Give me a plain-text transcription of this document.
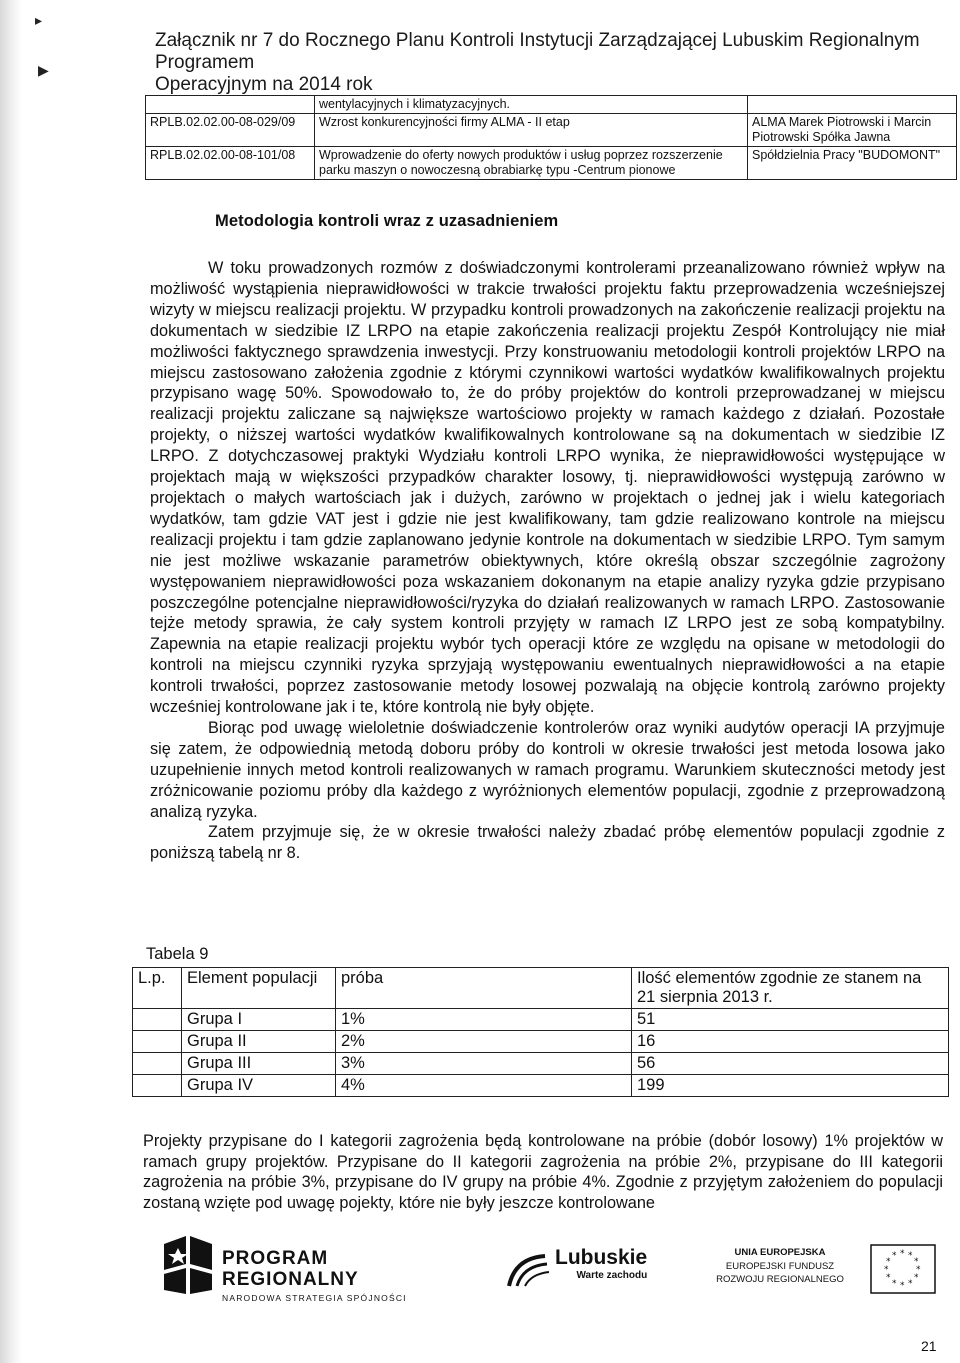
▸
▶
Załącznik nr 7 do Rocznego Planu Kontroli Instytucji Zarządzającej Lubuskim Regionalnym Programem
Operacyjnym na 2014 rok
	wentylacyjnych i klimatyzacyjnych.	
RPLB.02.02.00-08-029/09	Wzrost konkurencyjności firmy ALMA - II etap	ALMA Marek Piotrowski i Marcin Piotrowski Spółka Jawna
RPLB.02.02.00-08-101/08	Wprowadzenie do oferty nowych produktów i usług poprzez rozszerzenie parku maszyn o nowoczesną obrabiarkę typu -Centrum pionowe	Spółdzielnia Pracy "BUDOMONT"
Metodologia kontroli wraz z uzasadnieniem

W toku prowadzonych rozmów z doświadczonymi kontrolerami przeanalizowano również wpływ na możliwość wystąpienia nieprawidłowości w trakcie trwałości projektu faktu przeprowadzenia wcześniejszej wizyty w miejscu realizacji projektu. W przypadku kontroli prowadzonych na zakończenie realizacji projektu na dokumentach w siedzibie IZ LRPO na etapie zakończenia realizacji projektu Zespół Kontrolujący nie miał możliwości faktycznego sprawdzenia inwestycji. Przy konstruowaniu metodologii kontroli projektów LRPO na miejscu zastosowano założenia zgodnie z którymi czynnikowi wartości wydatków kwalifikowalnych projektu przypisano wagę 50%. Spowodowało to, że do próby projektów do kontroli przeprowadzanej w miejscu realizacji projektu zaliczane są największe wartościowo projekty w ramach każdego z działań. Pozostałe projekty, o niższej wartości wydatków kwalifikowalnych kontrolowane są na dokumentach w siedzibie IZ LRPO. Z dotychczasowej praktyki Wydziału kontroli LRPO wynika, że nieprawidłowości występujące w projektach mają w większości przypadków charakter losowy, tj. nieprawidłowości występują zarówno w projektach o małych wartościach jak i dużych, zarówno w projektach o jednej jak i wielu kategoriach wydatków, tam gdzie VAT jest i gdzie nie jest kwalifikowany, tam gdzie realizowano kontrole na miejscu realizacji projektu i tam gdzie zaplanowano jedynie kontrole na dokumentach w siedzibie LRPO. Tym samym nie jest możliwe wskazanie parametrów obiektywnych, które określą obszar szczególnie zagrożony występowaniem nieprawidłowości poza wskazaniem dokonanym na etapie analizy ryzyka gdzie przypisano poszczególne potencjalne nieprawidłowości/ryzyka do działań realizowanych w ramach LRPO. Zastosowanie tejże metody sprawia, że cały system kontroli przyjęty w ramach IZ LRPO jest ze sobą kompatybilny. Zapewnia na etapie realizacji projektu wybór tych operacji które ze względu na opisane w metodologii do kontroli na miejscu czynniki ryzyka sprzyjają występowaniu ewentualnych nieprawidłowości a na etapie kontroli trwałości, poprzez zastosowanie metody losowej pozwalają na objęcie kontrolą zarówno projekty wcześniej kontrolowane jak i te, które kontrolą nie były objęte.

Biorąc pod uwagę wieloletnie doświadczenie kontrolerów oraz wyniki audytów operacji IA przyjmuje się zatem, że odpowiednią metodą doboru próby do kontroli w okresie trwałości jest metoda losowa jako uzupełnienie innych metod kontroli realizowanych w ramach programu. Warunkiem skuteczności metody jest zróżnicowanie poziomu próby dla każdego z wyróżnionych elementów populacji, zgodnie z przeprowadzoną analizą ryzyka.

Zatem przyjmuje się, że w okresie trwałości należy zbadać próbę elementów populacji zgodnie z poniższą tabelą nr 8.

Tabela 9
L.p.	Element populacji	próba	Ilość elementów zgodnie ze stanem na 21 sierpnia 2013 r.
	Grupa I	1%	51
	Grupa II	2%	16
	Grupa III	3%	56
	Grupa IV	4%	199
Projekty przypisane do I kategorii zagrożenia będą kontrolowane na próbie (dobór losowy) 1% projektów w ramach grupy projektów. Przypisane do II kategorii zagrożenia na próbie 2%, przypisane do III kategorii zagrożenia na próbie 3%, przypisane do IV grupy na próbie 4%. Zgodnie z przyjętym założeniem do populacji zostaną wzięte pod uwagę pojekty, które nie były jeszcze kontrolowane
PROGRAM
REGIONALNY
NARODOWA STRATEGIA SPÓJNOŚCI
Lubuskie
Warte zachodu
UNIA EUROPEJSKA
EUROPEJSKI FUNDUSZ
ROZWOJU REGIONALNEGO
* *
*
*
*
*
*
*
*
*
*
*
21
